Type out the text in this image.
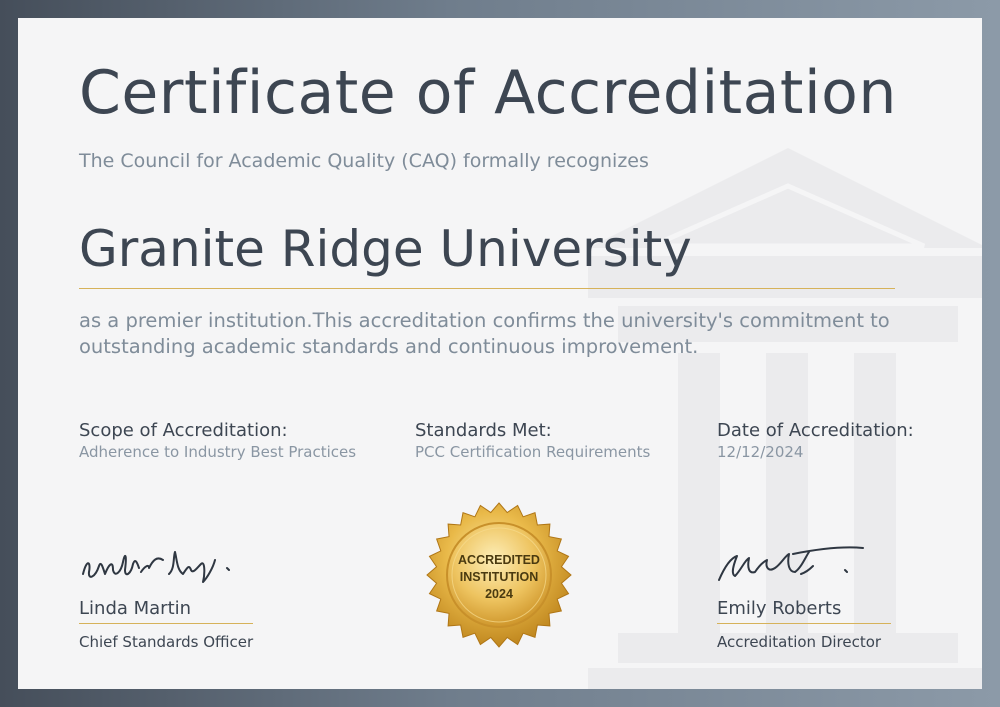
Certificate of Accreditation
The Council for Academic Quality (CAQ) formally recognizes
Granite Ridge University
as a premier institution.This accreditation confirms the university's commitment to outstanding academic standards and continuous improvement.
Scope of Accreditation:
Adherence to Industry Best Practices
Standards Met:
PCC Certification Requirements
Date of Accreditation:
12/12/2024
Linda Martin
Chief Standards Officer
Emily Roberts
Accreditation Director
ACCREDITED
INSTITUTION
2024
